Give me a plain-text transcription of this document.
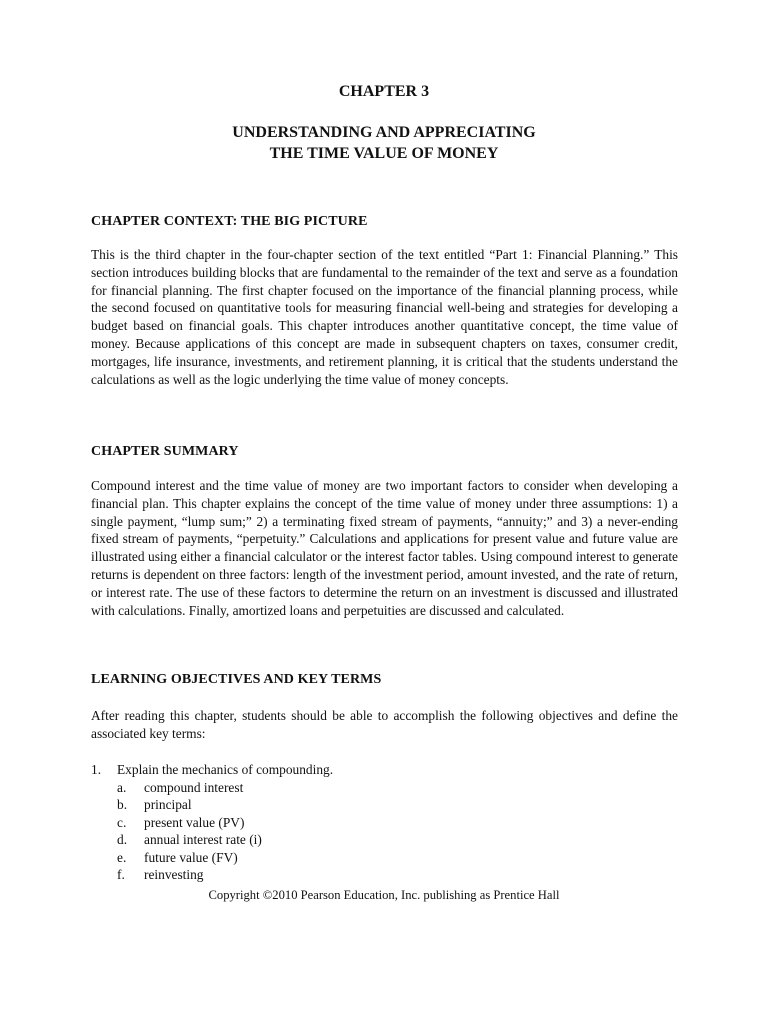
CHAPTER 3
UNDERSTANDING AND APPRECIATING
THE TIME VALUE OF MONEY
CHAPTER CONTEXT: THE BIG PICTURE

This is the third chapter in the four-chapter section of the text entitled “Part 1: Financial Planning.” This section introduces building blocks that are fundamental to the remainder of the text and serve as a foundation for financial planning. The first chapter focused on the importance of the financial planning process, while the second focused on quantitative tools for measuring financial well-being and strategies for developing a budget based on financial goals. This chapter introduces another quantitative concept, the time value of money. Because applications of this concept are made in subsequent chapters on taxes, consumer credit, mortgages, life insurance, investments, and retirement planning, it is critical that the students understand the calculations as well as the logic underlying the time value of money concepts.

CHAPTER SUMMARY

Compound interest and the time value of money are two important factors to consider when developing a financial plan. This chapter explains the concept of the time value of money under three assumptions: 1) a single payment, “lump sum;” 2) a terminating fixed stream of payments, “annuity;” and 3) a never-ending fixed stream of payments, “perpetuity.” Calculations and applications for present value and future value are illustrated using either a financial calculator or the interest factor tables. Using compound interest to generate returns is dependent on three factors: length of the investment period, amount invested, and the rate of return, or interest rate. The use of these factors to determine the return on an investment is discussed and illustrated with calculations. Finally, amortized loans and perpetuities are discussed and calculated.

LEARNING OBJECTIVES AND KEY TERMS

After reading this chapter, students should be able to accomplish the following objectives and define the associated key terms:

1. Explain the mechanics of compounding.
a. compound interest
b. principal
c. present value (PV)
d. annual interest rate (i)
e. future value (FV)
f. reinvesting
Copyright ©2010 Pearson Education, Inc. publishing as Prentice Hall
